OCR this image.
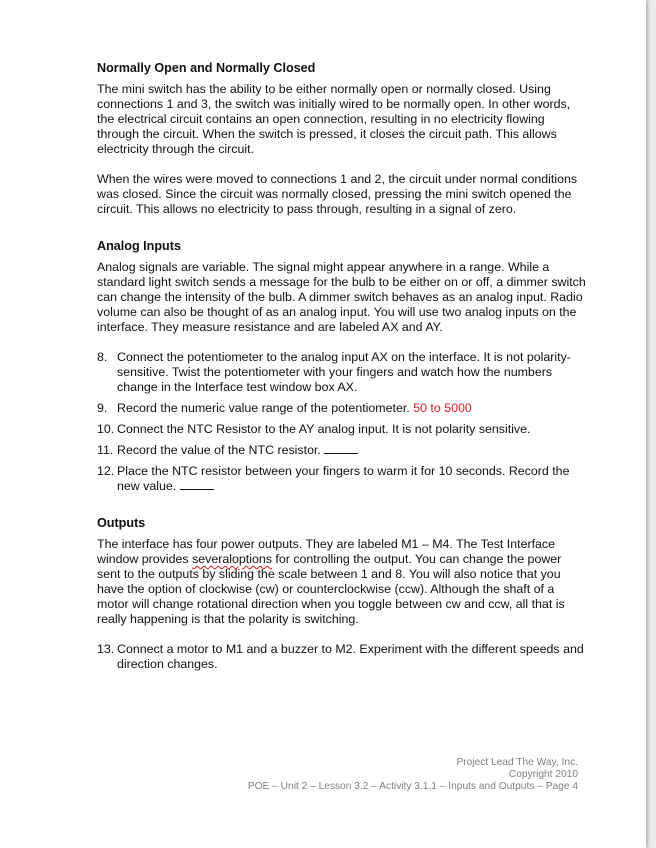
Normally Open and Normally Closed

The mini switch has the ability to be either normally open or normally closed. Using connections 1 and 3, the switch was initially wired to be normally open. In other words, the electrical circuit contains an open connection, resulting in no electricity flowing through the circuit. When the switch is pressed, it closes the circuit path. This allows electricity through the circuit.

When the wires were moved to connections 1 and 2, the circuit under normal conditions was closed. Since the circuit was normally closed, pressing the mini switch opened the circuit. This allows no electricity to pass through, resulting in a signal of zero.

Analog Inputs

Analog signals are variable. The signal might appear anywhere in a range. While a standard light switch sends a message for the bulb to be either on or off, a dimmer switch can change the intensity of the bulb. A dimmer switch behaves as an analog input. Radio volume can also be thought of as an analog input. You will use two analog inputs on the interface. They measure resistance and are labeled AX and AY.

8. Connect the potentiometer to the analog input AX on the interface. It is not polarity-sensitive. Twist the potentiometer with your fingers and watch how the numbers change in the Interface test window box AX.
9. Record the numeric value range of the potentiometer. 50 to 5000
10. Connect the NTC Resistor to the AY analog input. It is not polarity sensitive.
11. Record the value of the NTC resistor.
12. Place the NTC resistor between your fingers to warm it for 10 seconds. Record the new value.
Outputs

The interface has four power outputs. They are labeled M1 – M4. The Test Interface window provides severaloptions for controlling the output. You can change the power sent to the outputs by sliding the scale between 1 and 8. You will also notice that you have the option of clockwise (cw) or counterclockwise (ccw). Although the shaft of a motor will change rotational direction when you toggle between cw and ccw, all that is really happening is that the polarity is switching.

13. Connect a motor to M1 and a buzzer to M2. Experiment with the different speeds and direction changes.
Project Lead The Way, Inc.
Copyright 2010
POE – Unit 2 – Lesson 3.2 – Activity 3.1.1 – Inputs and Outputs – Page 4
